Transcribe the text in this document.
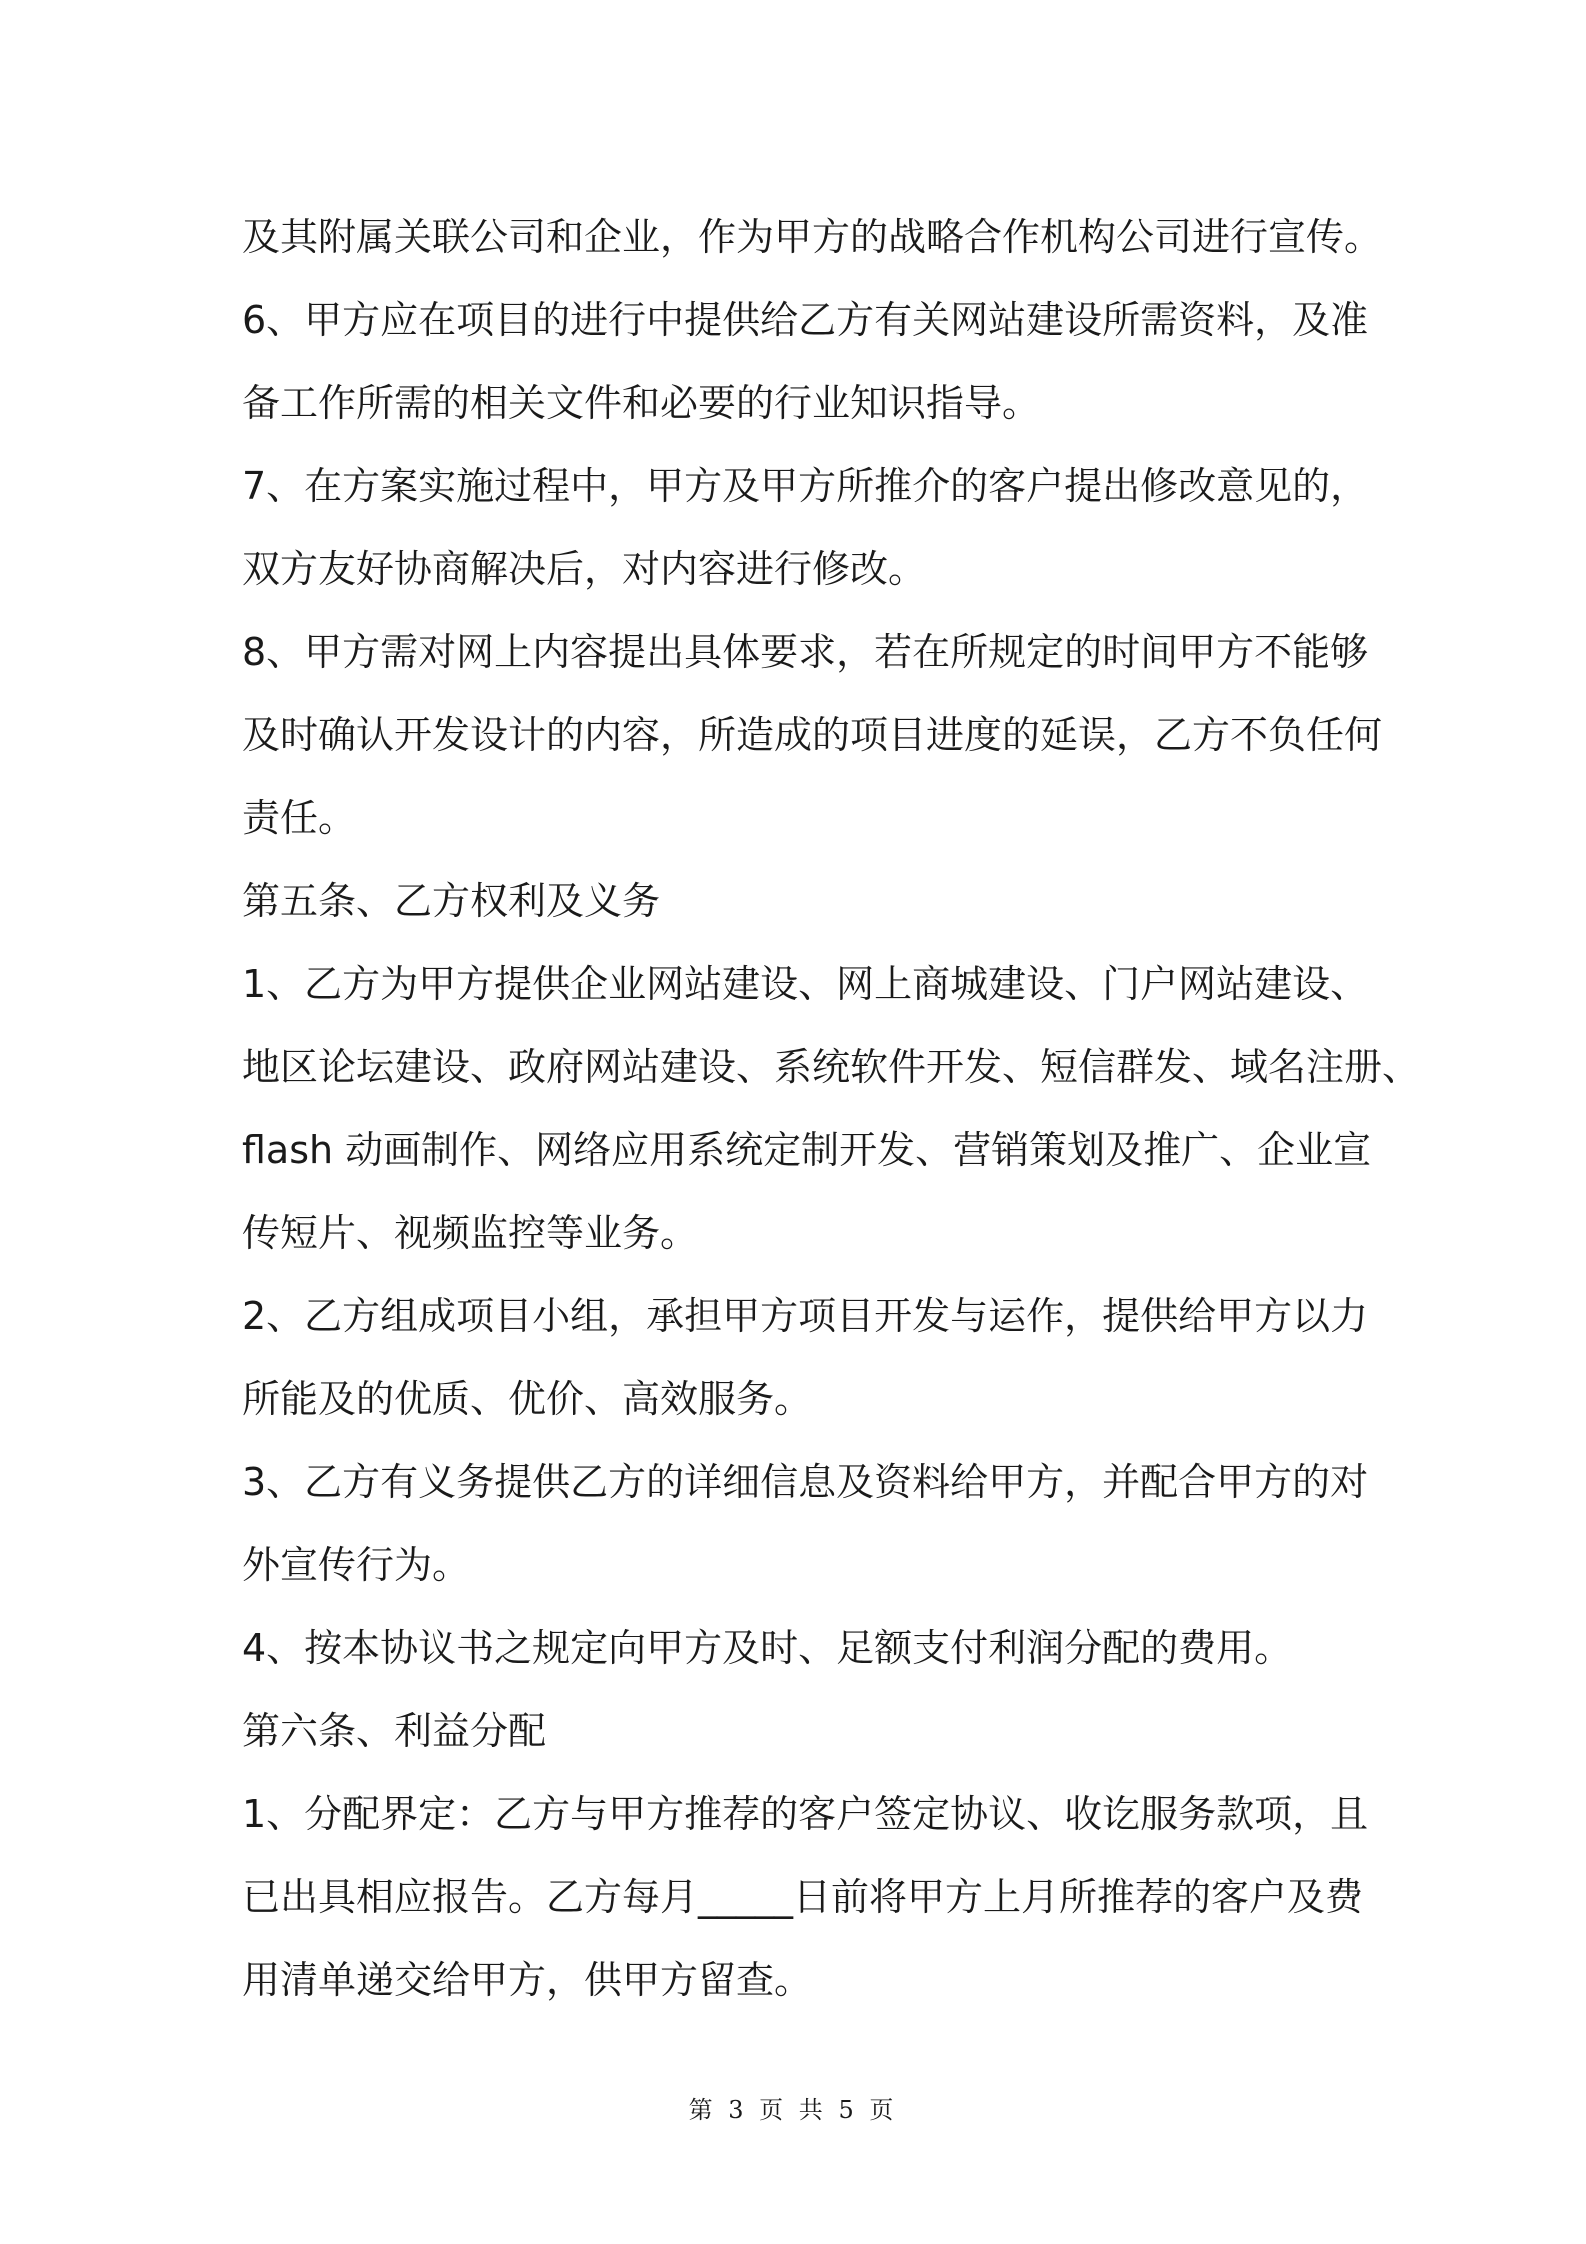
及其附属关联公司和企业，作为甲方的战略合作机构公司进行宣传。
6、甲方应在项目的进行中提供给乙方有关网站建设所需资料，及准
备工作所需的相关文件和必要的行业知识指导。
7、在方案实施过程中，甲方及甲方所推介的客户提出修改意见的，
双方友好协商解决后，对内容进行修改。
8、甲方需对网上内容提出具体要求，若在所规定的时间甲方不能够
及时确认开发设计的内容，所造成的项目进度的延误，乙方不负任何
责任。
第五条、乙方权利及义务
1、乙方为甲方提供企业网站建设、网上商城建设、门户网站建设、
地区论坛建设、政府网站建设、系统软件开发、短信群发、域名注册、
flash 动画制作、网络应用系统定制开发、营销策划及推广、企业宣
传短片、视频监控等业务。
2、乙方组成项目小组，承担甲方项目开发与运作，提供给甲方以力
所能及的优质、优价、高效服务。
3、乙方有义务提供乙方的详细信息及资料给甲方，并配合甲方的对
外宣传行为。
4、按本协议书之规定向甲方及时、足额支付利润分配的费用。
第六条、利益分配
1、分配界定：乙方与甲方推荐的客户签定协议、收讫服务款项，且
已出具相应报告。乙方每月_____日前将甲方上月所推荐的客户及费
用清单递交给甲方，供甲方留查。
第 3 页 共 5 页
